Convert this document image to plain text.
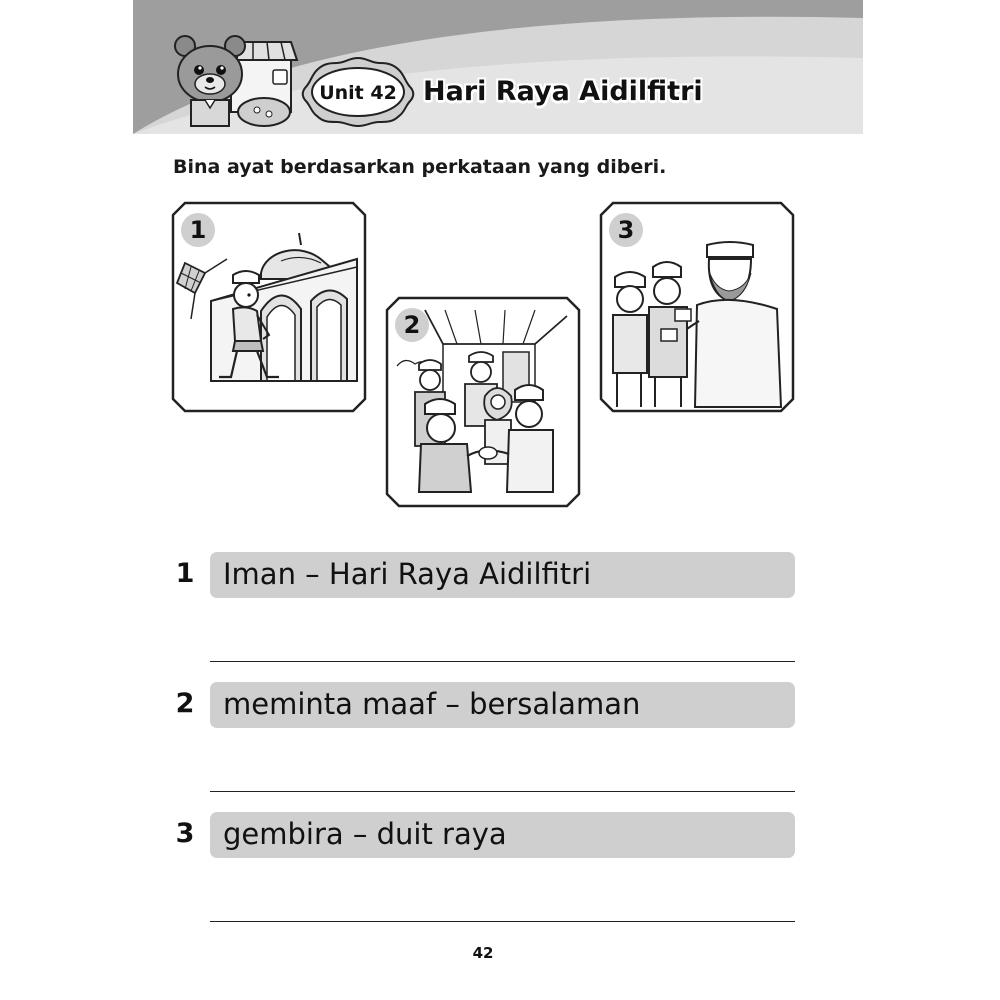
Unit 42 Hari Raya Aidilfitri
Bina ayat berdasarkan perkataan yang diberi.
1
2
3
1 Iman – Hari Raya Aidilfitri
2 meminta maaf – bersalaman
3 gembira – duit raya
42
